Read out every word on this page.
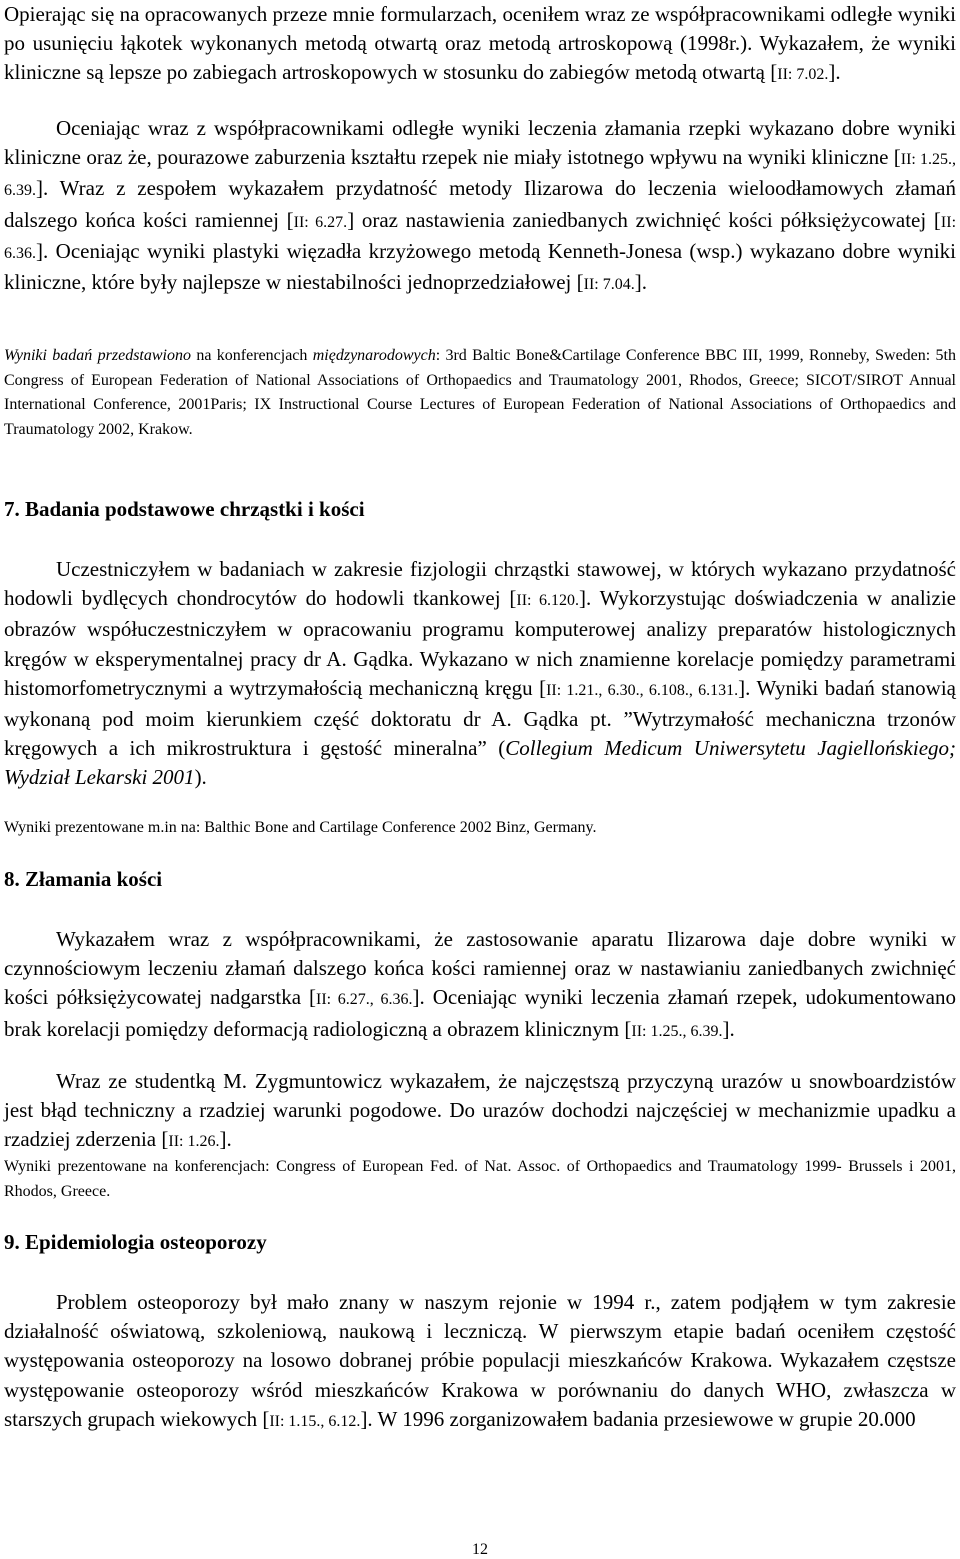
Opierając się na opracowanych przeze mnie formularzach, oceniłem wraz ze współpracownikami odległe wyniki po usunięciu łąkotek wykonanych metodą otwartą oraz metodą artroskopową (1998r.). Wykazałem, że wyniki kliniczne są lepsze po zabiegach artroskopowych w stosunku do zabiegów metodą otwartą [II: 7.02.].

Oceniając wraz z współpracownikami odległe wyniki leczenia złamania rzepki wykazano dobre wyniki kliniczne oraz że, pourazowe zaburzenia kształtu rzepek nie miały istotnego wpływu na wyniki kliniczne [II: 1.25., 6.39.]. Wraz z zespołem wykazałem przydatność metody Ilizarowa do leczenia wieloodłamowych złamań dalszego końca kości ramiennej [II: 6.27.] oraz nastawienia zaniedbanych zwichnięć kości półksiężycowatej [II: 6.36.]. Oceniając wyniki plastyki więzadła krzyżowego metodą Kenneth-Jonesa (wsp.) wykazano dobre wyniki kliniczne, które były najlepsze w niestabilności jednoprzedziałowej [II: 7.04.].

Wyniki badań przedstawiono na konferencjach międzynarodowych: 3rd Baltic Bone&Cartilage Conference BBC III, 1999, Ronneby, Sweden: 5th Congress of European Federation of National Associations of Orthopaedics and Traumatology 2001, Rhodos, Greece; SICOT/SIROT Annual International Conference, 2001Paris; IX Instructional Course Lectures of European Federation of National Associations of Orthopaedics and Traumatology 2002, Krakow.

7. Badania podstawowe chrząstki i kości

Uczestniczyłem w badaniach w zakresie fizjologii chrząstki stawowej, w których wykazano przydatność hodowli bydlęcych chondrocytów do hodowli tkankowej [II: 6.120.]. Wykorzystując doświadczenia w analizie obrazów współuczestniczyłem w opracowaniu programu komputerowej analizy preparatów histologicznych kręgów w eksperymentalnej pracy dr A. Gądka. Wykazano w nich znamienne korelacje pomiędzy parametrami histomorfometrycznymi a wytrzymałością mechaniczną kręgu [II: 1.21., 6.30., 6.108., 6.131.]. Wyniki badań stanowią wykonaną pod moim kierunkiem część doktoratu dr A. Gądka pt. ”Wytrzymałość mechaniczna trzonów kręgowych a ich mikrostruktura i gęstość mineralna” (Collegium Medicum Uniwersytetu Jagiellońskiego; Wydział Lekarski 2001).

Wyniki prezentowane m.in na: Balthic Bone and Cartilage Conference 2002 Binz, Germany.

8. Złamania kości

Wykazałem wraz z współpracownikami, że zastosowanie aparatu Ilizarowa daje dobre wyniki w czynnościowym leczeniu złamań dalszego końca kości ramiennej oraz w nastawianiu zaniedbanych zwichnięć kości półksiężycowatej nadgarstka [II: 6.27., 6.36.]. Oceniając wyniki leczenia złamań rzepek, udokumentowano brak korelacji pomiędzy deformacją radiologiczną a obrazem klinicznym [II: 1.25., 6.39.].

Wraz ze studentką M. Zygmuntowicz wykazałem, że najczęstszą przyczyną urazów u snowboardzistów jest błąd techniczny a rzadziej warunki pogodowe. Do urazów dochodzi najczęściej w mechanizmie upadku a rzadziej zderzenia [II: 1.26.].

Wyniki prezentowane na konferencjach: Congress of European Fed. of Nat. Assoc. of Orthopaedics and Traumatology 1999- Brussels i 2001, Rhodos, Greece.

9. Epidemiologia osteoporozy

Problem osteoporozy był mało znany w naszym rejonie w 1994 r., zatem podjąłem w tym zakresie działalność oświatową, szkoleniową, naukową i leczniczą. W pierwszym etapie badań oceniłem częstość występowania osteoporozy na losowo dobranej próbie populacji mieszkańców Krakowa. Wykazałem częstsze występowanie osteoporozy wśród mieszkańców Krakowa w porównaniu do danych WHO, zwłaszcza w starszych grupach wiekowych [II: 1.15., 6.12.]. W 1996 zorganizowałem badania przesiewowe w grupie 20.000

12
